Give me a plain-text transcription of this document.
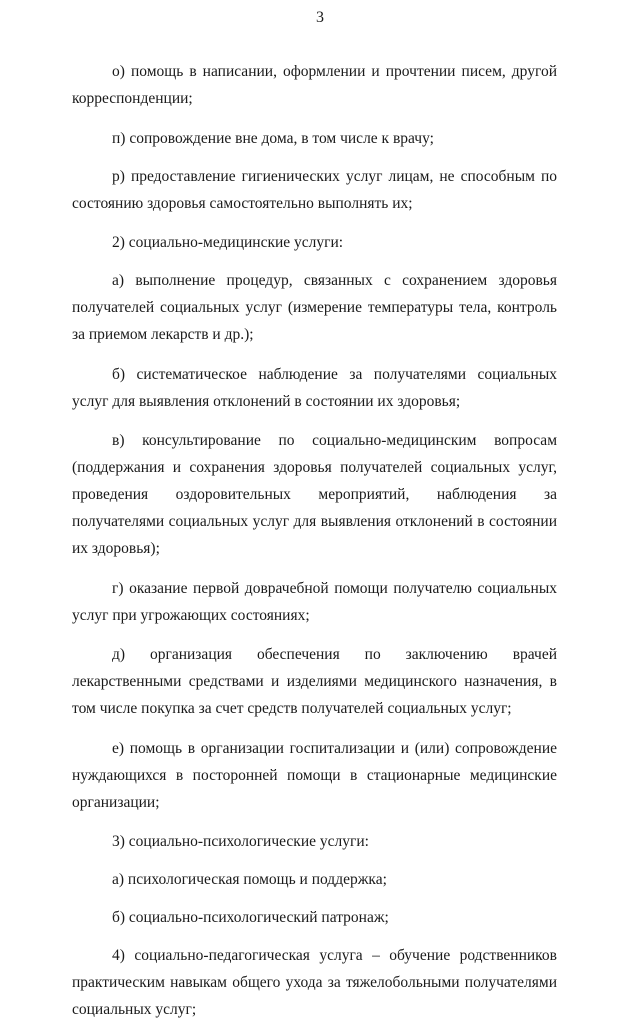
3

о) помощь в написании, оформлении и прочтении писем, другой корреспонденции;

п) сопровождение вне дома, в том числе к врачу;

р) предоставление гигиенических услуг лицам, не способным по состоянию здоровья самостоятельно выполнять их;

2) социально-медицинские услуги:

а) выполнение процедур, связанных с сохранением здоровья получателей социальных услуг (измерение температуры тела, контроль за приемом лекарств и др.);

б) систематическое наблюдение за получателями социальных услуг для выявления отклонений в состоянии их здоровья;

в) консультирование по социально-медицинским вопросам (поддержания и сохранения здоровья получателей социальных услуг, проведения оздоровительных мероприятий, наблюдения за получателями социальных услуг для выявления отклонений в состоянии их здоровья);

г) оказание первой доврачебной помощи получателю социальных услуг при угрожающих состояниях;

д) организация обеспечения по заключению врачей лекарственными средствами и изделиями медицинского назначения, в том числе покупка за счет средств получателей социальных услуг;

е) помощь в организации госпитализации и (или) сопровождение нуждающихся в посторонней помощи в стационарные медицинские организации;

3) социально-психологические услуги:

а) психологическая помощь и поддержка;

б) социально-психологический патронаж;

4) социально-педагогическая услуга – обучение родственников практическим навыкам общего ухода за тяжелобольными получателями социальных услуг;
